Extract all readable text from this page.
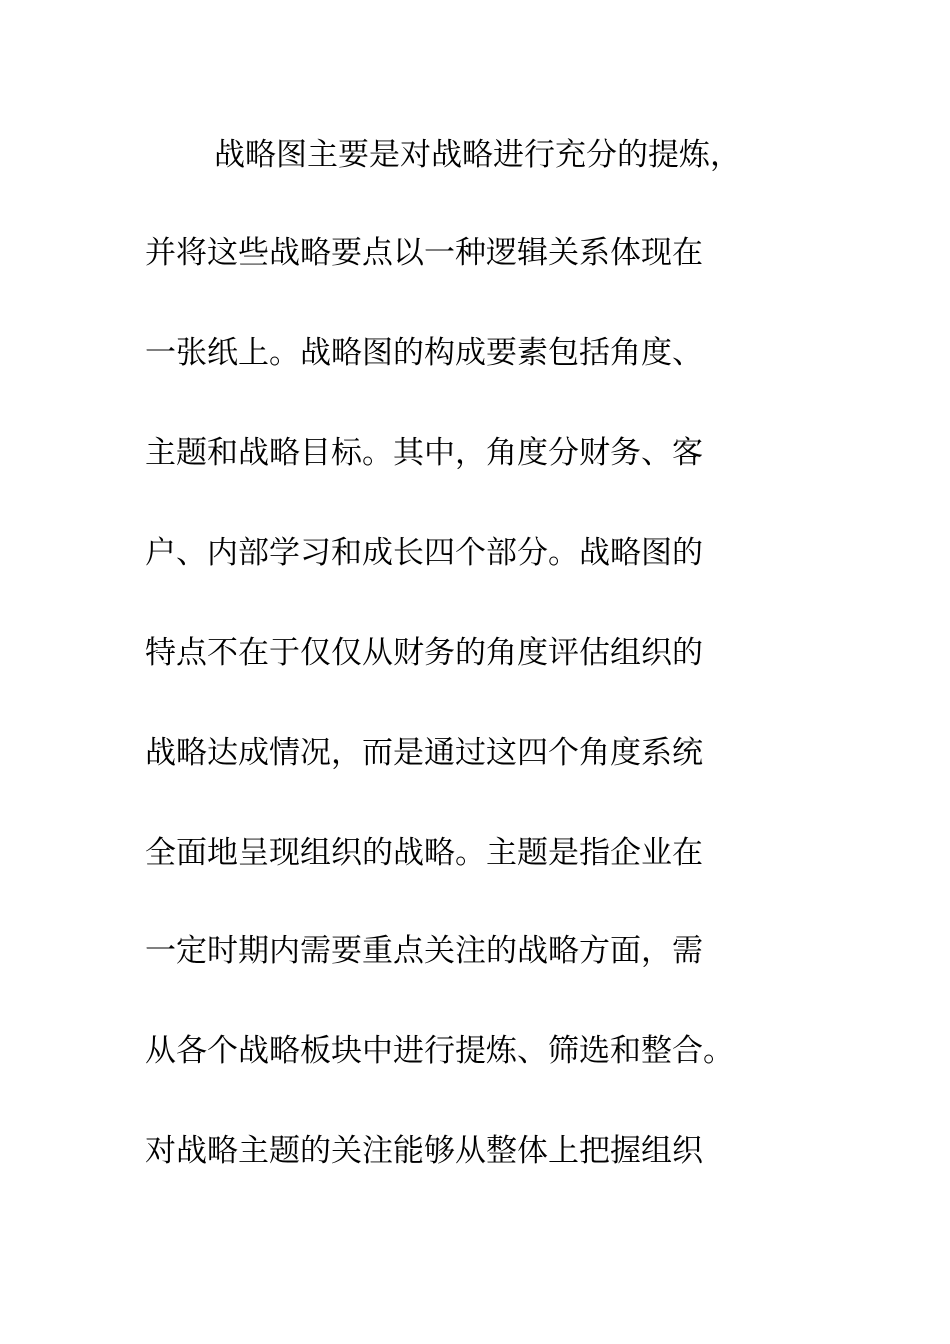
战略图主要是对战略进行充分的提炼，
并将这些战略要点以一种逻辑关系体现在
一张纸上。战略图的构成要素包括角度、
主题和战略目标。其中，角度分财务、客
户、内部学习和成长四个部分。战略图的
特点不在于仅仅从财务的角度评估组织的
战略达成情况，而是通过这四个角度系统
全面地呈现组织的战略。主题是指企业在
一定时期内需要重点关注的战略方面，需
从各个战略板块中进行提炼、筛选和整合。
对战略主题的关注能够从整体上把握组织
